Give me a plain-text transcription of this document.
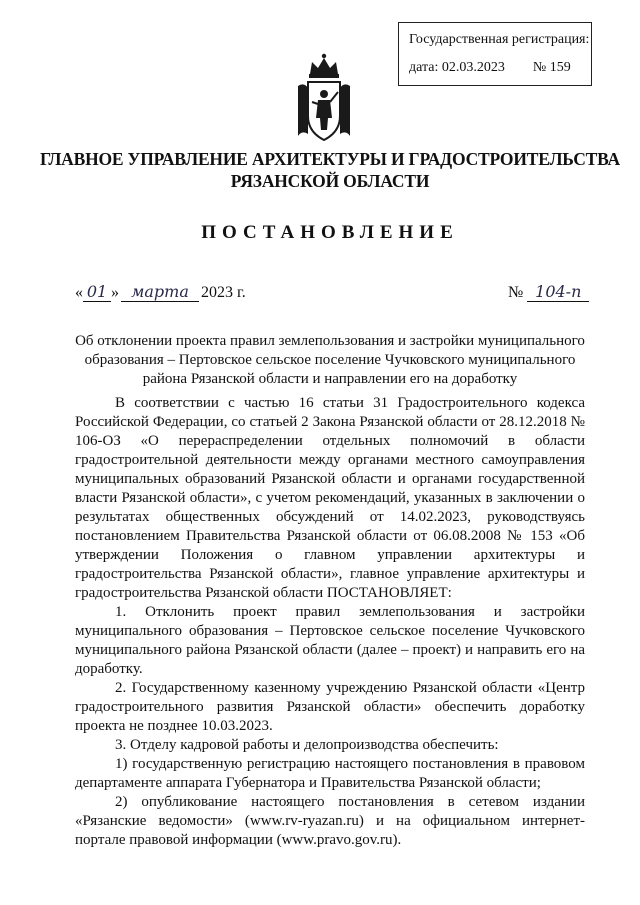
Государственная регистрация:
дата: 02.03.2023 № 159
ГЛАВНОЕ УПРАВЛЕНИЕ АРХИТЕКТУРЫ И ГРАДОСТРОИТЕЛЬСТВА
РЯЗАНСКОЙ ОБЛАСТИ
ПОСТАНОВЛЕНИЕ
« 01 » марта 2023 г.	№ 104-п
Об отклонении проекта правил землепользования и застройки муниципального образования – Пертовское сельское поселение Чучковского муниципального района Рязанской области и направлении его на доработку

В соответствии с частью 16 статьи 31 Градостроительного кодекса Российской Федерации, со статьей 2 Закона Рязанской области от 28.12.2018 № 106-ОЗ «О перераспределении отдельных полномочий в области градостроительной деятельности между органами местного самоуправления муниципальных образований Рязанской области и органами государственной власти Рязанской области», с учетом рекомендаций, указанных в заключении о результатах общественных обсуждений от 14.02.2023, руководствуясь постановлением Правительства Рязанской области от 06.08.2008 № 153 «Об утверждении Положения о главном управлении архитектуры и градостроительства Рязанской области», главное управление архитектуры и градостроительства Рязанской области ПОСТАНОВЛЯЕТ:

1. Отклонить проект правил землепользования и застройки муниципального образования – Пертовское сельское поселение Чучковского муниципального района Рязанской области (далее – проект) и направить его на доработку.

2. Государственному казенному учреждению Рязанской области «Центр градостроительного развития Рязанской области» обеспечить доработку проекта не позднее 10.03.2023.

3. Отделу кадровой работы и делопроизводства обеспечить:

1) государственную регистрацию настоящего постановления в правовом департаменте аппарата Губернатора и Правительства Рязанской области;

2) опубликование настоящего постановления в сетевом издании «Рязанские ведомости» (www.rv-ryazan.ru) и на официальном интернет-портале правовой информации (www.pravo.gov.ru).
